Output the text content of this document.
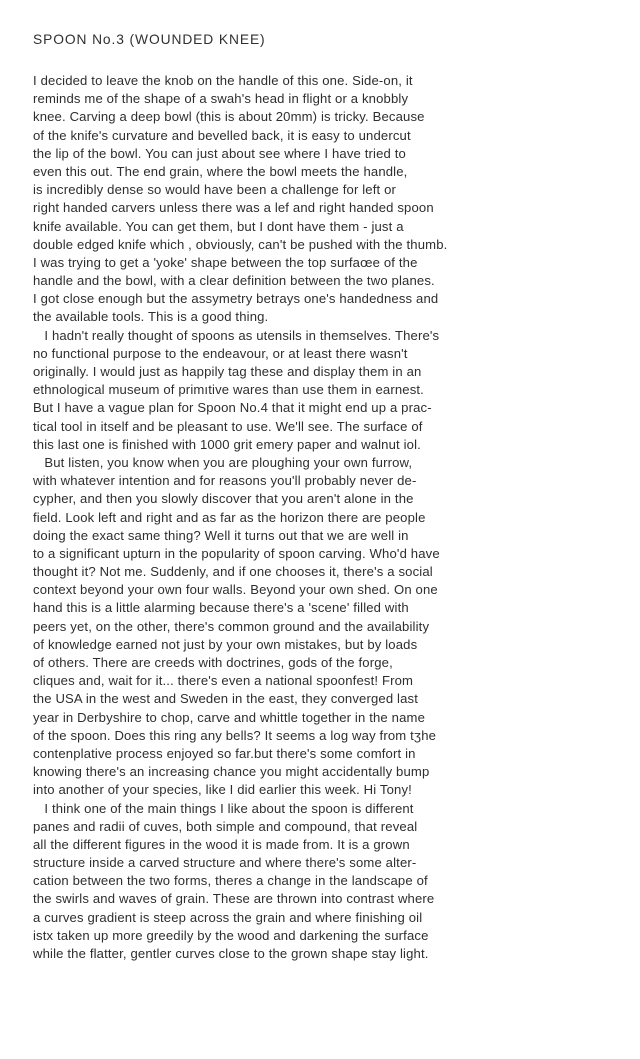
SPOON No.3 (WOUNDED KNEE)
I decided to leave the knob on the handle of this one. Side-on, it
reminds me of the shape of a swah's head in flight or a knobbly
knee. Carving a deep bowl (this is about 20mm) is tricky. Because
of the knife's curvature and bevelled back, it is easy to undercut
the lip of the bowl. You can just about see where I have tried to
even this out. The end grain, where the bowl meets the handle,
is incredibly dense so would have been a challenge for left or
right handed carvers unless there was a lef and right handed spoon
knife available. You can get them, but I dont have them - just a
double edged knife which , obviously, can't be pushed with the thumb.
I was trying to get a 'yoke' shape between the top surfaœe of the
handle and the bowl, with a clear definition between the two planes.
I got close enough but the assymetry betrays one's handedness and
the available tools. This is a good thing.
I hadn't really thought of spoons as utensils in themselves. There's
no functional purpose to the endeavour, or at least there wasn't
originally. I would just as happily tag these and display them in an
ethnological museum of primıtive wares than use them in earnest.
But I have a vague plan for Spoon No.4 that it might end up a prac-
tical tool in itself and be pleasant to use. We'll see. The surface of
this last one is finished with 1000 grit emery paper and walnut iol.
But listen, you know when you are ploughing your own furrow,
with whatever intention and for reasons you'll probably never de-
cypher, and then you slowly discover that you aren't alone in the
field. Look left and right and as far as the horizon there are people
doing the exact same thing? Well it turns out that we are well in
to a significant upturn in the popularity of spoon carving. Who'd have
thought it? Not me. Suddenly, and if one chooses it, there's a social
context beyond your own four walls. Beyond your own shed. On one
hand this is a little alarming because there's a 'scene' filled with
peers yet, on the other, there's common ground and the availability
of knowledge earned not just by your own mistakes, but by loads
of others. There are creeds with doctrines, gods of the forge,
cliques and, wait for it... there's even a national spoonfest! From
the USA in the west and Sweden in the east, they converged last
year in Derbyshire to chop, carve and whittle together in the name
of the spoon. Does this ring any bells? It seems a log way from tʒhe
contenplative process enjoyed so far.but there's some comfort in
knowing there's an increasing chance you might accidentally bump
into another of your species, like I did earlier this week. Hi Tony!
I think one of the main things I like about the spoon is different
panes and radii of cuves, both simple and compound, that reveal
all the different figures in the wood it is made from. It is a grown
structure inside a carved structure and where there's some alter-
cation between the two forms, theres a change in the landscape of
the swirls and waves of grain. These are thrown into contrast where
a curves gradient is steep across the grain and where finishing oil
istx taken up more greedily by the wood and darkening the surface
while the flatter, gentler curves close to the grown shape stay light.
